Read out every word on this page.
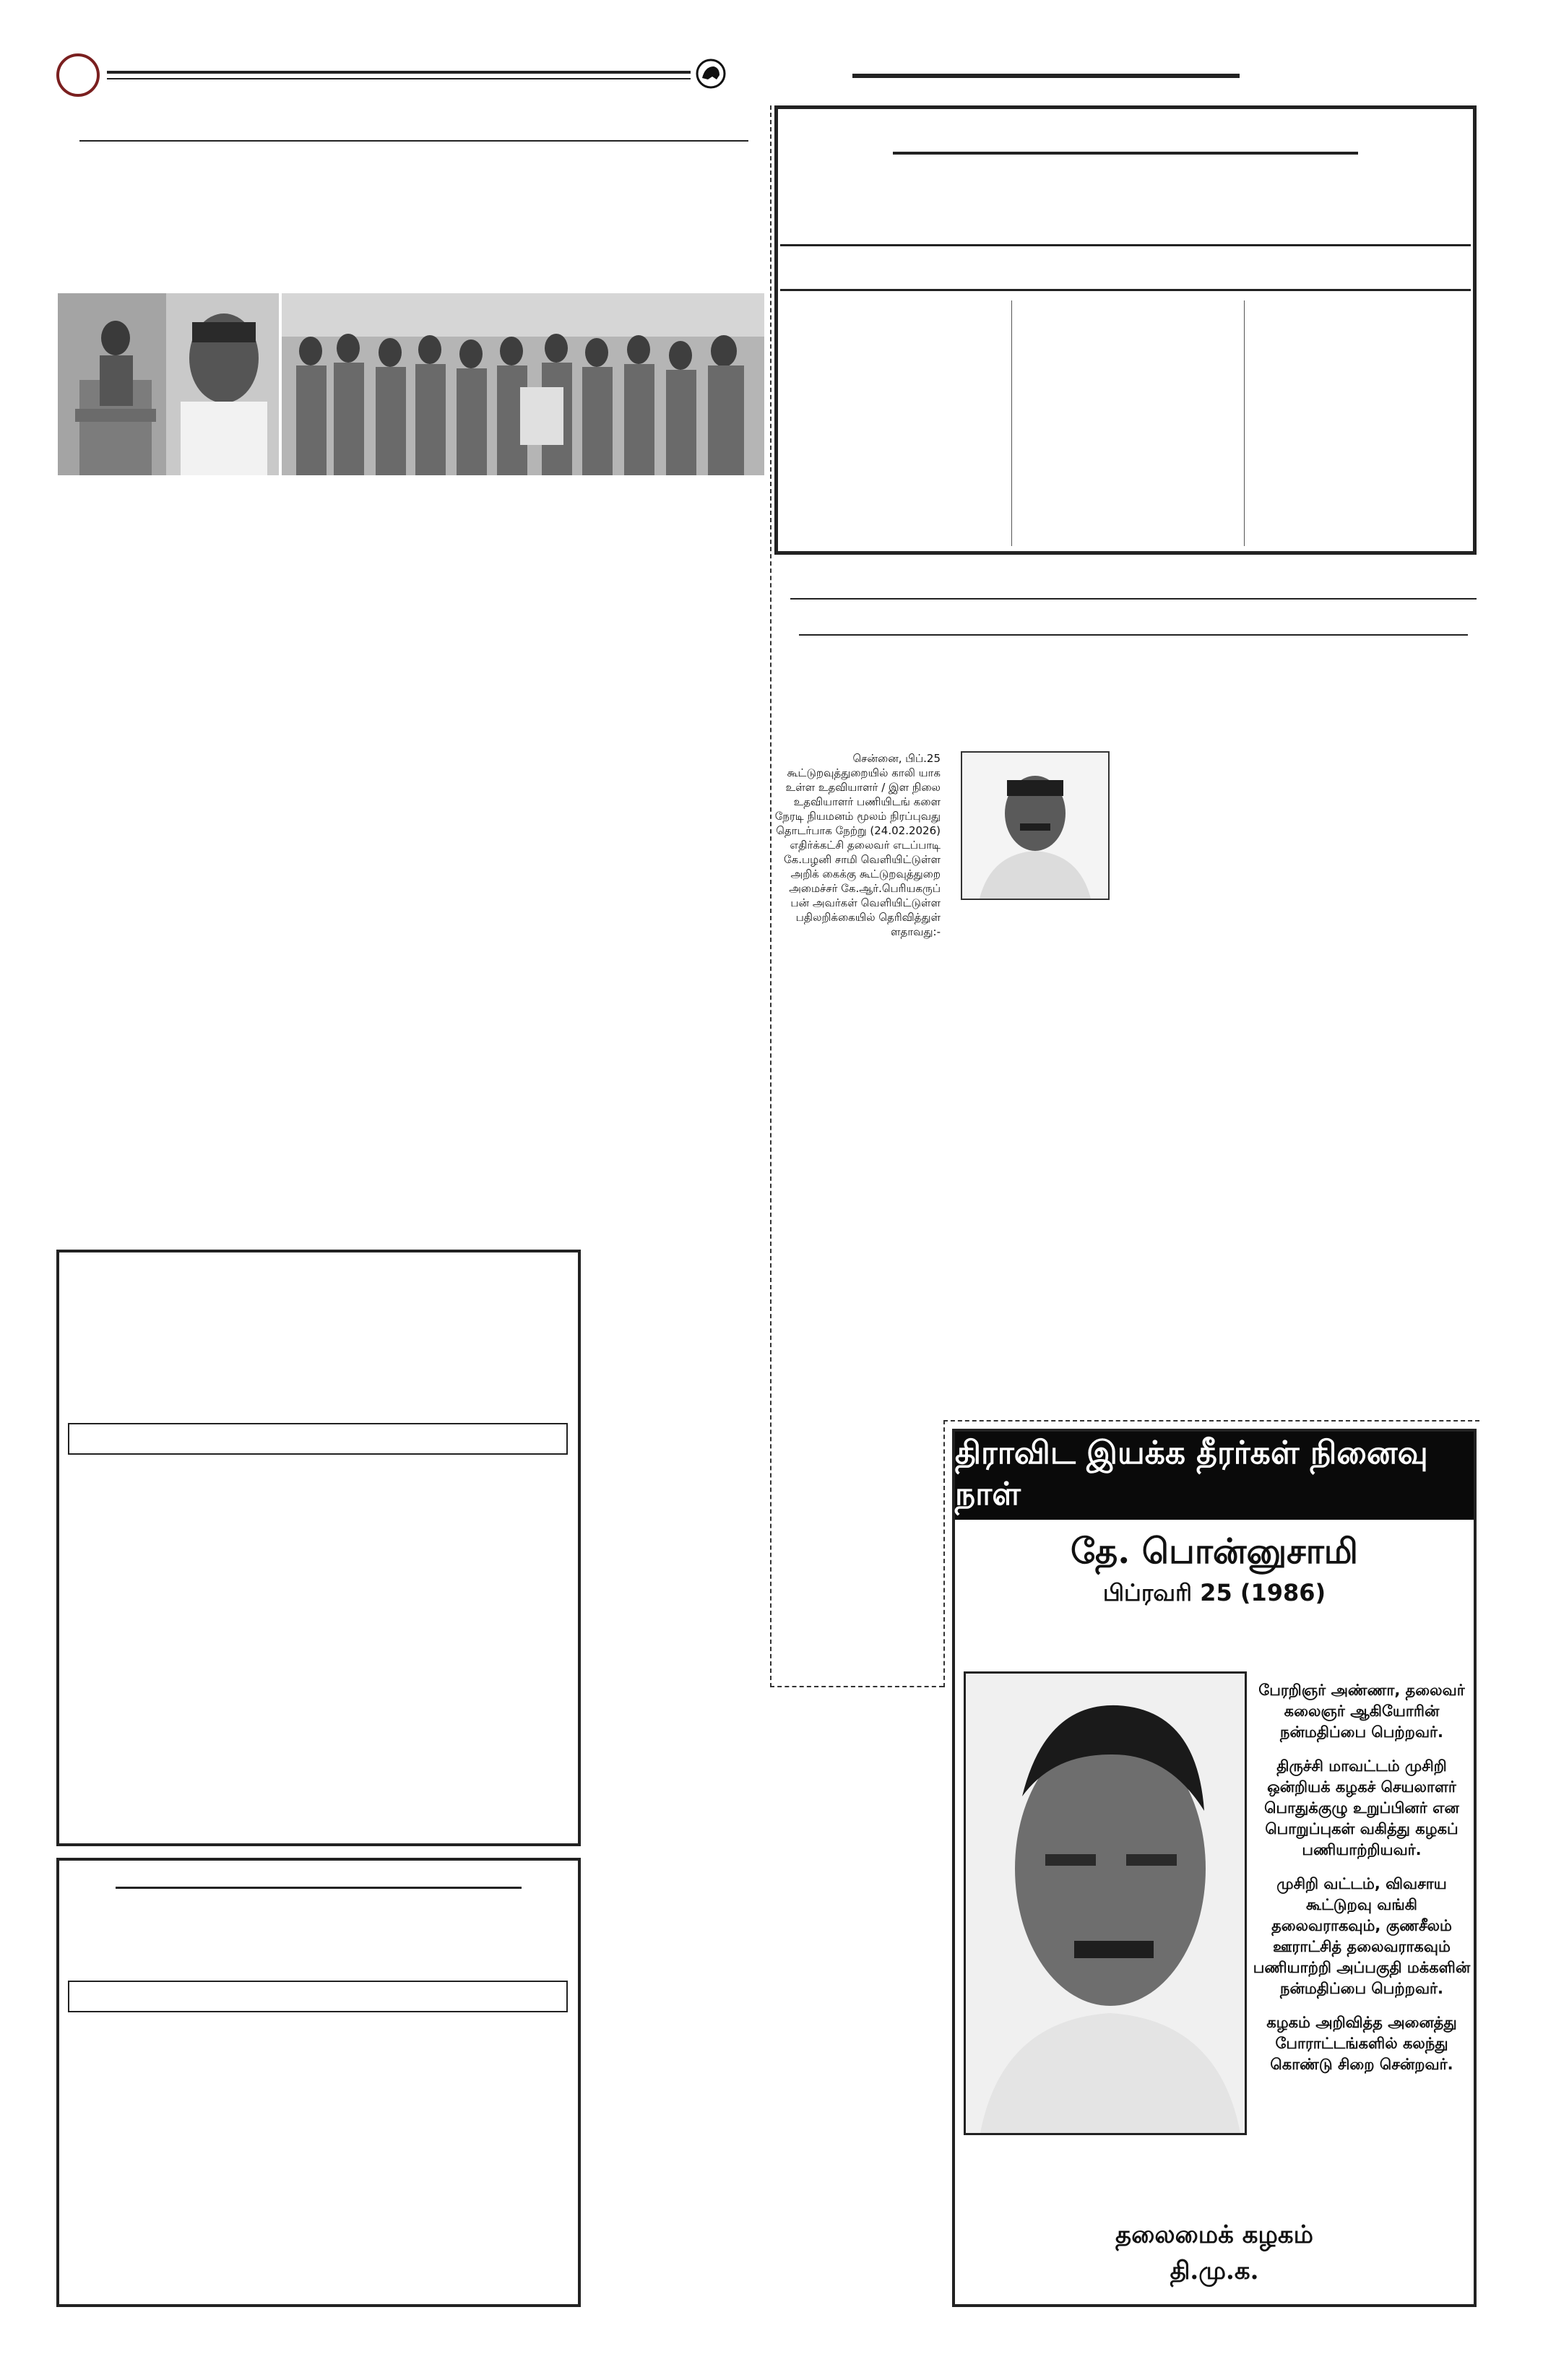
சென்னை, பிப்.25 கூட்டுறவுத்துறையில் காலி யாக உள்ள உதவியாளர் / இள நிலை உதவியாளர் பணியிடங் களை நேரடி நியமனம் மூலம் நிரப்புவது தொடர்பாக நேற்று (24.02.2026) எதிர்க்கட்சி தலைவர் எடப்பாடி கே.பழனி சாமி வெளியிட்டுள்ள அறிக் கைக்கு கூட்டுறவுத்துறை அமைச்சர் கே.ஆர்.பெரியகருப் பன் அவர்கள் வெளியிட்டுள்ள பதிலறிக்கையில் தெரிவித்துள் ளதாவது:-
திராவிட இயக்க தீரர்கள் நினைவு நாள்
தே. பொன்னுசாமி
பிப்ரவரி 25 (1986)

பேரறிஞர் அண்ணா, தலைவர் கலைஞர் ஆகியோரின் நன்மதிப்பை பெற்றவர்.

திருச்சி மாவட்டம் முசிறி ஒன்றியக் கழகச் செயலாளர் பொதுக்குழு உறுப்பினர் என பொறுப்புகள் வகித்து கழகப் பணியாற்றியவர்.

முசிறி வட்டம், விவசாய கூட்டுறவு வங்கி தலைவராகவும், குணசீலம் ஊராட்சித் தலைவராகவும் பணியாற்றி அப்பகுதி மக்களின் நன்மதிப்பை பெற்றவர்.

கழகம் அறிவித்த அனைத்து போராட்டங்களில் கலந்து கொண்டு சிறை சென்றவர்.

தலைமைக் கழகம்
தி.மு.க.
